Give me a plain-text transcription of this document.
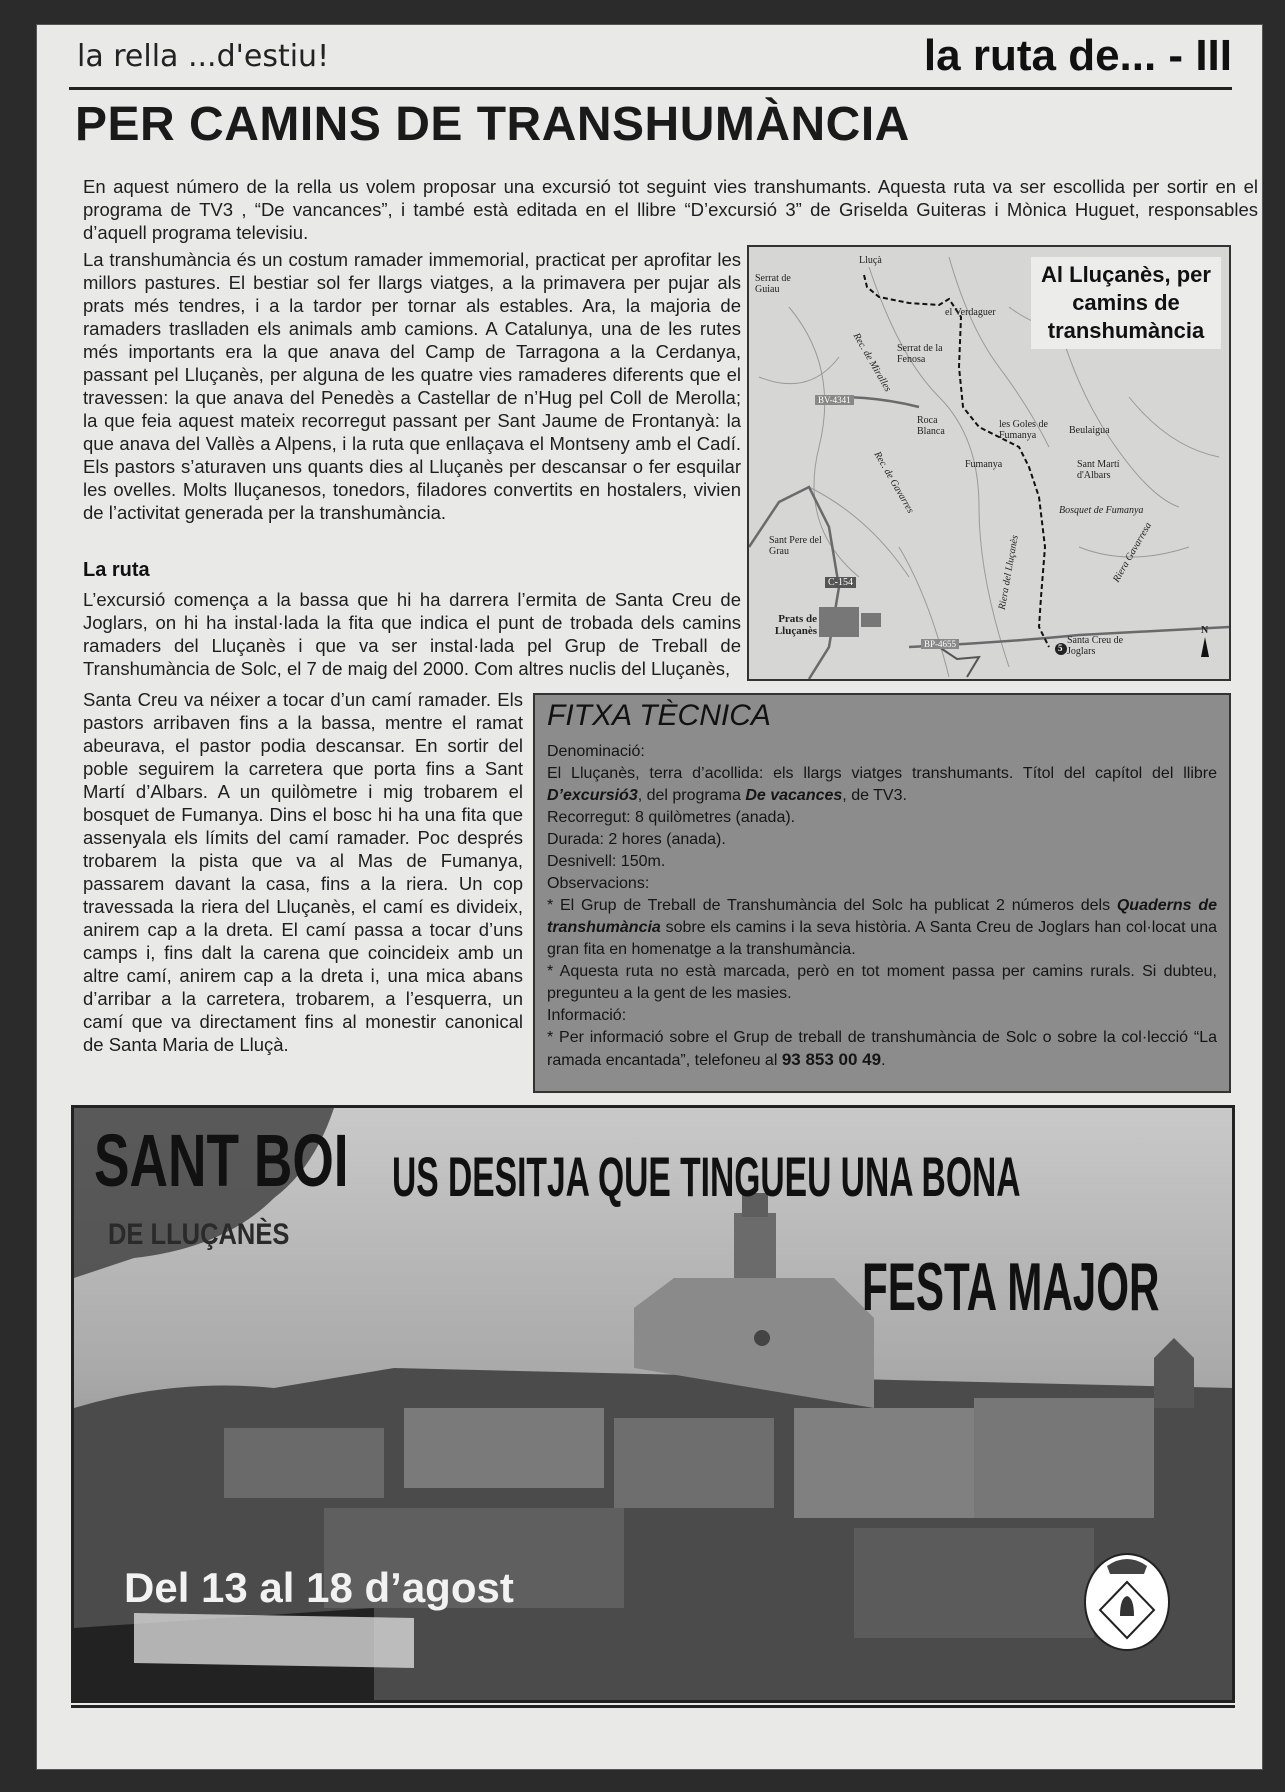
la rella ...d'estiu!	la ruta de... - III
PER CAMINS DE TRANSHUMÀNCIA
En aquest número de la rella us volem proposar una excursió tot seguint vies transhumants. Aquesta ruta va ser escollida per sortir en el programa de TV3 , “De vancances”, i també està editada en el llibre “D’excursió 3” de Griselda Guiteras i Mònica Huguet, responsables d’aquell programa televisiu.
La transhumància és un costum ramader immemorial, practicat per aprofitar les millors pastures. El bestiar sol fer llargs viatges, a la primavera per pujar als prats més tendres, i a la tardor per tornar als estables. Ara, la majoria de ramaders traslladen els animals amb camions. A Catalunya, una de les rutes més importants era la que anava del Camp de Tarragona a la Cerdanya, passant pel Lluçanès, per alguna de les quatre vies ramaderes diferents que el travessen: la que anava del Penedès a Castellar de n’Hug pel Coll de Merolla; la que feia aquest mateix recorregut passant per Sant Jaume de Frontanyà: la que anava del Vallès a Alpens, i la ruta que enllaçava el Montseny amb el Cadí. Els pastors s’aturaven uns quants dies al Lluçanès per descansar o fer esquilar les ovelles. Molts lluçanesos, tonedors, filadores convertits en hostalers, vivien de l’activitat generada per la transhumància.
La ruta
L’excursió comença a la bassa que hi ha darrera l’ermita de Santa Creu de Joglars, on hi ha instal·lada la fita que indica el punt de trobada dels camins ramaders del Lluçanès i que va ser instal·lada pel Grup de Treball de Transhumància de Solc, el 7 de maig del 2000. Com altres nuclis del Lluçanès,
Santa Creu va néixer a tocar d’un camí ramader. Els pastors arribaven fins a la bassa, mentre el ramat abeurava, el pastor podia descansar. En sortir del poble seguirem la carretera que porta fins a Sant Martí d’Albars. A un quilòmetre i mig trobarem el bosquet de Fumanya. Dins el bosc hi ha una fita que assenyala els límits del camí ramader. Poc després trobarem la pista que va al Mas de Fumanya, passarem davant la casa, fins a la riera. Un cop travessada la riera del Lluçanès, el camí es divideix, anirem cap a la dreta. El camí passa a tocar d’uns camps i, fins dalt la carena que coincideix amb un altre camí, anirem cap a la dreta i, una mica abans d’arribar a la carretera, trobarem, a l’esquerra, un camí que va directament fins al monestir canonical de Santa Maria de Lluçà.
Lluçà
Serrat de Guiau
el Verdaguer
Serrat de la Fenosa
Roca Blanca
les Goles de Fumanya	Beulaigua
Fumanya	Sant Martí d'Albars
Bosquet de Fumanya
Sant Pere del Grau
C-154
Prats de Lluçanès
BV-4341
BP-4655	Santa Creu de Joglars
Rec. de Miralles
Rec. de Gavarres
Riera del Lluçanès	Riera Gavarresa
N
5
Al Lluçanès, per camins de transhumància
FITXA TÈCNICA
Denominació:
El Lluçanès, terra d’acollida: els llargs viatges transhumants. Títol del capítol del llibre D’excursió3, del programa De vacances, de TV3.
Recorregut: 8 quilòmetres (anada).
Durada: 2 hores (anada).
Desnivell: 150m.
Observacions:
* El Grup de Treball de Transhumància del Solc ha publicat 2 números dels Quaderns de transhumància sobre els camins i la seva història. A Santa Creu de Joglars han col·locat una gran fita en homenatge a la transhumància.
* Aquesta ruta no està marcada, però en tot moment passa per camins rurals. Si dubteu, pregunteu a la gent de les masies.
Informació:
* Per informació sobre el Grup de treball de transhumància de Solc o sobre la col·lecció “La ramada encantada”, telefoneu al 93 853 00 49.
SANT BOI
DE LLUÇANÈS
US DESITJA QUE TINGUEU UNA BONA
FESTA MAJOR
Del 13 al 18 d’agost
